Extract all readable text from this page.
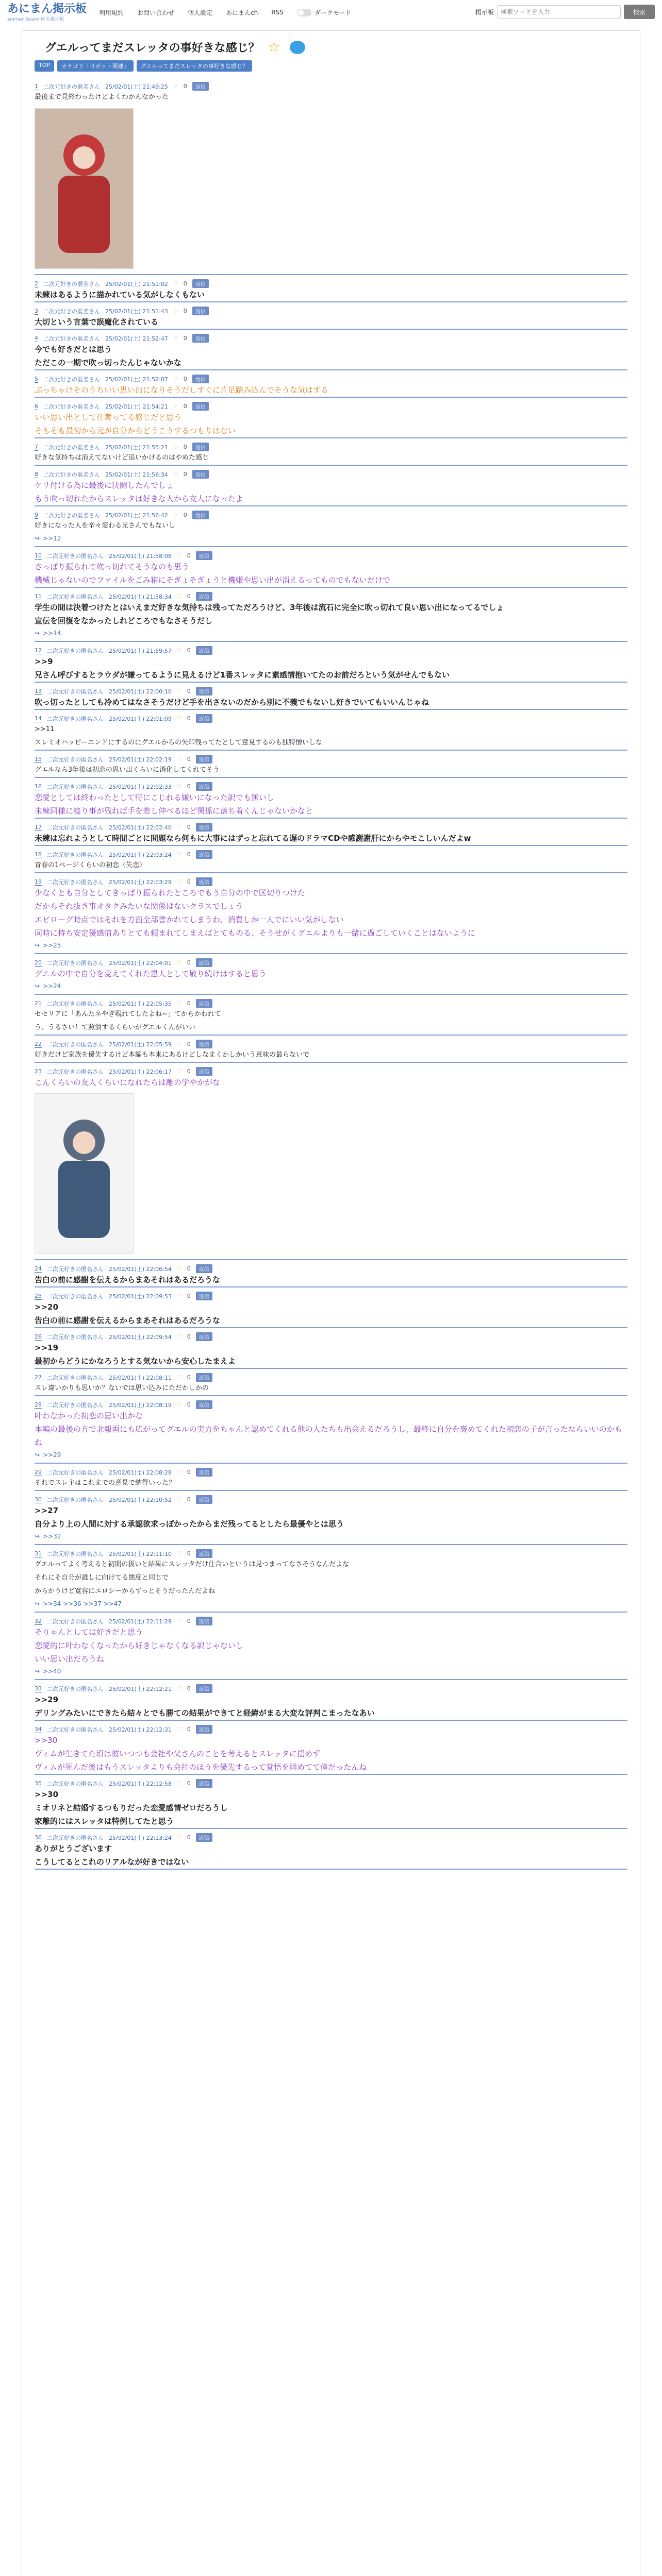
あにまん掲示板
animan board 匿名掲示板
利用規約 お問い合わせ 個人設定 あにまんch RSS	ダークモード	掲示板
検索ワードを入力	検索
グエルってまだスレッタの事好きな感じ？ ☆
TOP	カテゴリ「ロボット関連」	グエルってまだスレッタの事好きな感じ？
1 二次元好きの匿名さん 25/02/01(土) 21:49:25 ♡ 0	返信
最後まで見終わったけどよくわかんなかった
2 二次元好きの匿名さん 25/02/01(土) 21:51:02 ♡ 0	返信
未練はあるように描かれている気がしなくもない
3 二次元好きの匿名さん 25/02/01(土) 21:51:43 ♡ 0	返信
大切という言葉で誤魔化されている
4 二次元好きの匿名さん 25/02/01(土) 21:52:47 ♡ 0	返信
今でも好きだとは思う
ただこの一期で吹っ切ったんじゃないかな
5 二次元好きの匿名さん 25/02/01(土) 21:52:07 ♡ 0	返信
ぶっちゃけそのうちいい思い出になりそうだしすぐに片足踏み込んでそうな気はする
6 二次元好きの匿名さん 25/02/01(土) 21:54:21 ♡ 0	返信
いい思い出として仕舞ってる感じだと思う
そもそも最初から元が自分からどうこうするつもりはない
7 二次元好きの匿名さん 25/02/01(土) 21:55:21 ♡ 0	返信
好きな気持ちは消えてないけど追いかけるのはやめた感じ
8 二次元好きの匿名さん 25/02/01(土) 21:56:34 ♡ 0	返信
ケリ付ける為に最後に決闘したんでしょ
もう吹っ切れたからスレッタは好きな人から友人になったよ
9 二次元好きの匿名さん 25/02/01(土) 21:56:42 ♡ 0	返信
好きになった人を辛々変わる兄さんでもないし
↪ >>12
10 二次元好きの匿名さん 25/02/01(土) 21:58:08 ♡ 0	返信
さっぱり振られて吹っ切れてそうなのも思う
機械じゃないのでファイルをごみ箱にそぎょそぎょうと機嫌や思い出が消えるってものでもないだけで
11 二次元好きの匿名さん 25/02/01(土) 21:58:34 ♡ 0	返信
学生の間は決着つけたとはいえまだ好きな気持ちは残ってただろうけど、3年後は流石に完全に吹っ切れて良い思い出になってるでしょ
宣伝を回復をなかったしれどころでもなさそうだし
↪ >>14
12 二次元好きの匿名さん 25/02/01(土) 21:59:57 ♡ 0	返信
>>9
兄さん呼びするとラウダが嫌ってるように見えるけど1番スレッタに素感情抱いてたのお前だろという気がせんでもない
13 二次元好きの匿名さん 25/02/01(土) 22:00:10 ♡ 0	返信
吹っ切ったとしても冷めてはなさそうだけど手を出さないのだから別に不義でもないし好きでいてもいいんじゃね
14 二次元好きの匿名さん 25/02/01(土) 22:01:09 ♡ 0	返信
>>11
スレミオハッピーエンドにするのにグエルからの矢印残ってたとして意見するのも独特憎いしな
15 二次元好きの匿名さん 25/02/01(土) 22:02:19 ♡ 0	返信
グエルなら3年後は初恋の思い出くらいに消化してくれてそう
16 二次元好きの匿名さん 25/02/01(土) 22:02:33 ♡ 0	返信
恋愛としては終わったとして特にこじれる嫌いになった訳でも無いし
未練同様に寝り事が残れば手を差し伸べるほど関係に落ち着くんじゃないかなと
17 二次元好きの匿名さん 25/02/01(土) 22:02:40 ♡ 0	返信
未練は忘れようとして時間ごとに問題なら何もに大事にはずっと忘れてる遅のドラマCDや感謝謝肝にからやモこしいんだよw
18 二次元好きの匿名さん 25/02/01(土) 22:03:24 ♡ 0	返信
青春の1ページくらいの初恋（失恋）
19 二次元好きの匿名さん 25/02/01(土) 22:03:29 ♡ 0	返信
少なくとも自分としてきっぱり振られたところでもう自分の中で区切りつけた
だからそれ抜き事オタクみたいな関係はないクラスでしょう
エピローグ時点ではそれを方面全部書かれてしまうわ、消費しか一人でにいい気がしない
同時に持ち安定優感情ありとても頼まれてしまえばとてものる、そうせがくグエルよりも一緒に過ごしていくことはないように
↪ >>25
20 二次元好きの匿名さん 25/02/01(土) 22:04:01 ♡ 0	返信
グエルの中で自分を変えてくれた恩人として敬り続けはすると思う
↪ >>24
21 二次元好きの匿名さん 25/02/01(土) 22:05:35 ♡ 0	返信
セセリアに「あんたネやぎ覗れてしたよね~」てからかわれて
う、うるさい！て照溜するくらいがグエルくんがいい
22 二次元好きの匿名さん 25/02/01(土) 22:05:59 ♡ 0	返信
好きだけど家族を優先するけど本編も本来にあるけどしなまくかしかいう意味の最らないで
23 二次元好きの匿名さん 25/02/01(土) 22:06:17 ♡ 0	返信
こんくらいの友人くらいになれたらは離の学やかがな
24 二次元好きの匿名さん 25/02/01(土) 22:06:54 ♡ 0	返信
告白の前に感謝を伝えるからまあそれはあるだろうな
25 二次元好きの匿名さん 25/02/01(土) 22:09:53 ♡ 0	返信
>>20
告白の前に感謝を伝えるからまあそれはあるだろうな
26 二次元好きの匿名さん 25/02/01(土) 22:09:54 ♡ 0	返信
>>19
最初からどうにかなろうとする気ないから安心したまえよ
27 二次元好きの匿名さん 25/02/01(土) 22:08:11 ♡ 0	返信
スレ違いかりも思いか？ないでは思い込みにただかしかの
28 二次元好きの匿名さん 25/02/01(土) 22:08:19 ♡ 0	返信
叶わなかった初恋の思い出かな
本編の最後の方で北報両にも広がってグエルの実力をちゃんと認めてくれる他の人たちも出会えるだろうし、最終に自分を褒めてくれた初恋の子が言ったならいいのかもね
↪ >>29
29 二次元好きの匿名さん 25/02/01(土) 22:08:28 ♡ 0	返信
それでスレ主はこれまでの意見で納得いった？
30 二次元好きの匿名さん 25/02/01(土) 22:10:52 ♡ 0	返信
>>27
自分より上の人間に対する承認欲求っぽかったからまだ残ってるとしたら最優やとは思う
↪ >>32
31 二次元好きの匿名さん 25/02/01(土) 22:11:10 ♡ 0	返信
グエルってよく考えると初期の扱いと結果にスレッタだけ仕合いというは見つまってなさそうなんだよな
それにそ自分が誰しに向けてる態度と同じで
からかうけど寛容にエロシーからずっとそうだったんだよね
↪ >>34 >>36 >>37 >>47
32 二次元好きの匿名さん 25/02/01(土) 22:11:29 ♡ 0	返信
そりゃんとしては好きだと思う
恋愛的に叶わなくなったから好きじゃなくなる訳じゃないし
いい思い出だろうね
↪ >>40
33 二次元好きの匿名さん 25/02/01(土) 22:12:21 ♡ 0	返信
>>29
デリングみたいにできたら結々とでも勝ての結果ができてと経緯がまる大変な評判こまったなあい
34 二次元好きの匿名さん 25/02/01(土) 22:12:31 ♡ 0	返信
>>30
ヴィムが生きてた頃は彼いつつも金社や父さんのことを考えるとスレッタに揺めず
ヴィムが死んだ後はもうスレッタよりも会社のほうを優先するって覚悟を固めてて僅だったんね
35 二次元好きの匿名さん 25/02/01(土) 22:12:58 ♡ 0	返信
>>30
ミオリネと結婚するつもりだった恋愛感情ゼロだろうし
家離的にはスレッタは特例してたと思う
36 二次元好きの匿名さん 25/02/01(土) 22:13:24 ♡ 0	返信
ありがとうございます
こうしてるとこれのリアルなが好きではない
